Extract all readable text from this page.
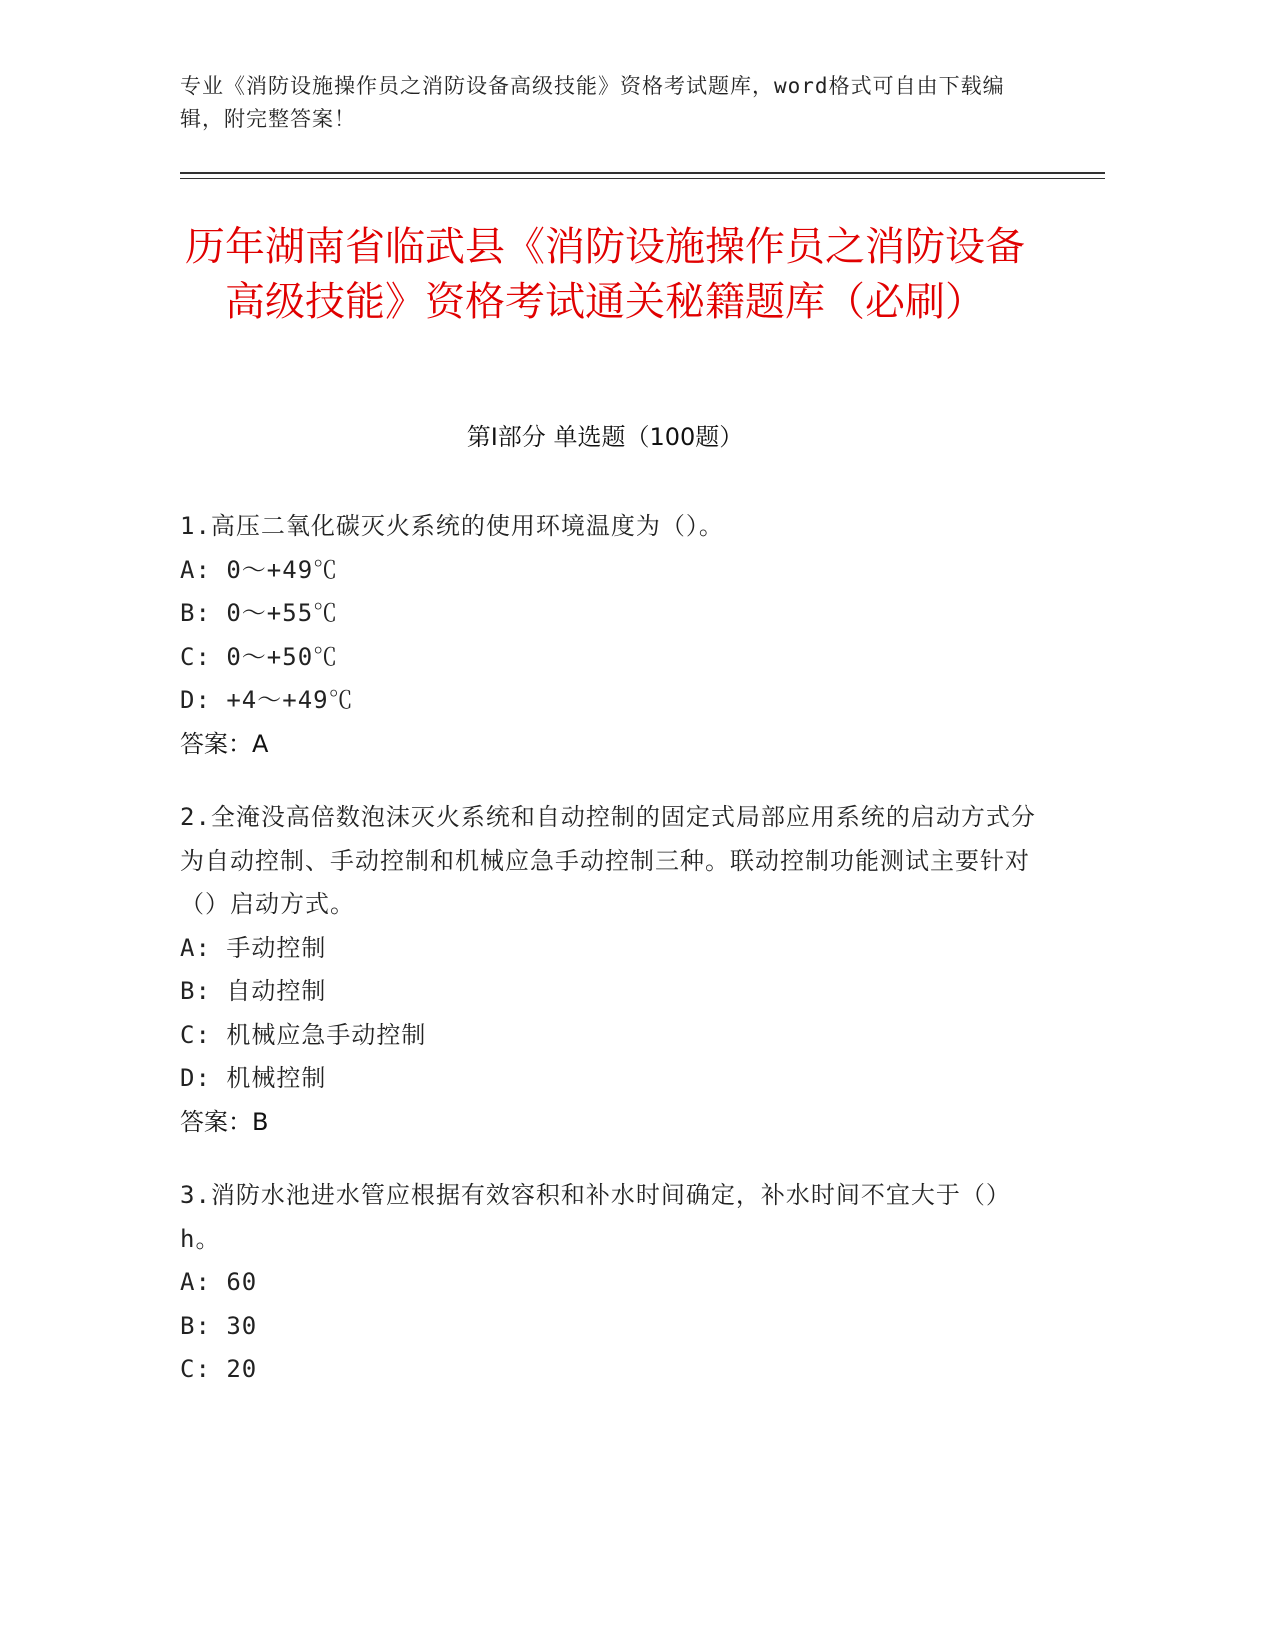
专业《消防设施操作员之消防设备高级技能》资格考试题库，word格式可自由下载编辑，附完整答案！
历年湖南省临武县《消防设施操作员之消防设备高级技能》资格考试通关秘籍题库（必刷）
第I部分 单选题（100题）
1.高压二氧化碳灭火系统的使用环境温度为（）。
A: 0～+49℃
B: 0～+55℃
C: 0～+50℃
D: +4～+49℃
答案：A
2.全淹没高倍数泡沫灭火系统和自动控制的固定式局部应用系统的启动方式分为自动控制、手动控制和机械应急手动控制三种。联动控制功能测试主要针对（）启动方式。
A: 手动控制
B: 自动控制
C: 机械应急手动控制
D: 机械控制
答案：B
3.消防水池进水管应根据有效容积和补水时间确定，补水时间不宜大于（）h。
A: 60
B: 30
C: 20
